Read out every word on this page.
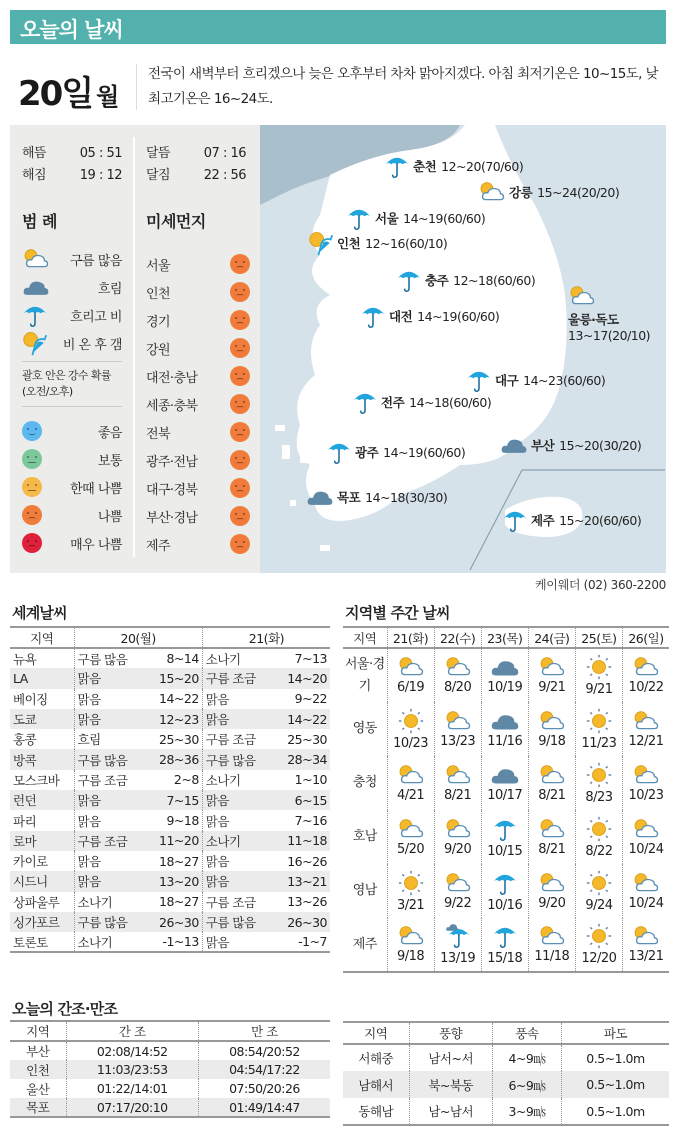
오늘의 날씨
20일 월
전국이 새벽부터 흐리겠으나 늦은 오후부터 차차 맑아지겠다. 아침 최저기온은 10~15도, 낮 최고기온은 16~24도.
해뜸	05 : 51
해짐	19 : 12
달뜸	07 : 16
달짐	22 : 56
범 례	미세먼지
구름 많음
흐림
흐리고 비
비 온 후 갬
괄호 안은 강수 확률 (오전/오후)
좋음
보통
한때 나쁨
나쁨
매우 나쁨
서울
인천
경기
강원
대전·충남
세종·충북
전북
광주·전남
대구·경북
부산·경남
제주
춘천 12~20(70/60)
강릉 15~24(20/20)
서울 14~19(60/60)
인천 12~16(60/10)
충주 12~18(60/60)
대전 14~19(60/60)
대구 14~23(60/60)
전주 14~18(60/60)
광주 14~19(60/60)	부산 15~20(30/20)
목포 14~18(30/30)
제주 15~20(60/60)
울릉·독도
13~17(20/10)
케이웨더 (02) 360-2200
세계날씨
지역	20(월)		21(화)	
뉴욕	구름 많음	8~14	소나기	7~13
LA	맑음	15~20	구름 조금	14~20
베이징	맑음	14~22	맑음	9~22
도쿄	맑음	12~23	맑음	14~22
홍콩	흐림	25~30	구름 조금	25~30
방콕	구름 많음	28~36	구름 많음	28~34
모스크바	구름 조금	2~8	소나기	1~10
런던	맑음	7~15	맑음	6~15
파리	맑음	9~18	맑음	7~16
로마	구름 조금	11~20	소나기	11~18
카이로	맑음	18~27	맑음	16~26
시드니	맑음	13~20	맑음	13~21
상파울루	소나기	18~27	구름 조금	13~26
싱가포르	구름 많음	26~30	구름 많음	26~30
토론토	소나기	-1~13	맑음	-1~7
지역별 주간 날씨
지역	21(화)	22(수)	23(목)	24(금)	25(토)	26(일)
서울·경기	6/19	8/20	10/19	9/21	9/21	10/22

영동	10/23	13/23	11/16	9/18	11/23	12/21

충청	4/21	8/21	10/17	8/21	8/23	10/23

호남	5/20	9/20	10/15	8/21	8/22	10/24

영남	3/21	9/22	10/16	9/20	9/24	10/24

제주	9/18	13/19	15/18	11/18	12/20	13/21
오늘의 간조·만조
지역	간 조	만 조
부산	02:08/14:52	08:54/20:52
인천	11:03/23:53	04:54/17:22
울산	01:22/14:01	07:50/20:26
목포	07:17/20:10	01:49/14:47
지역	풍향	풍속	파도
서해중	남서~서	4~9㎧	0.5~1.0m
남해서	북~북동	6~9㎧	0.5~1.0m
동해남	남~남서	3~9㎧	0.5~1.0m
